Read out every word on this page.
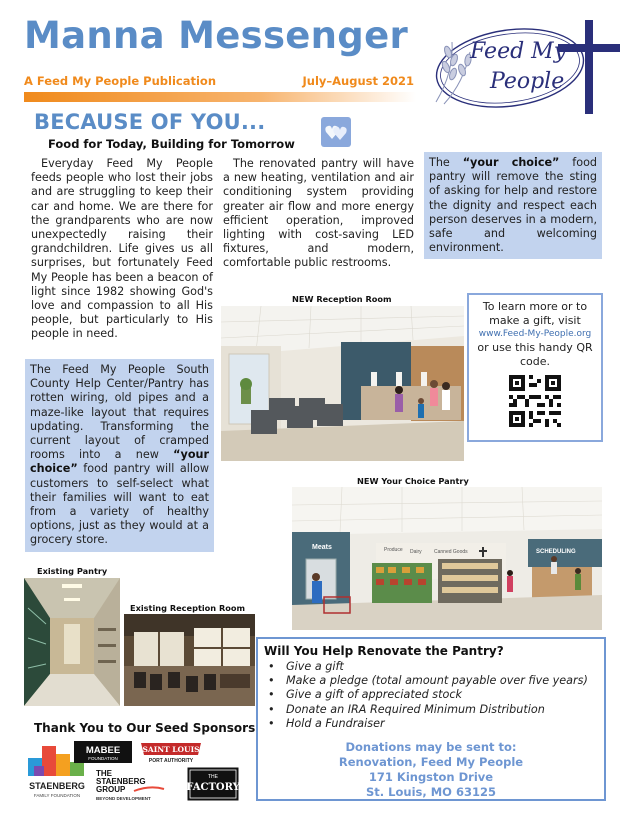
Manna Messenger
A Feed My People Publication	July–August 2021
Feed My
People
BECAUSE OF YOU...
Food for Today, Building for Tomorrow
Everyday Feed My People feeds people who lost their jobs and are struggling to keep their car and home. We are there for the grandparents who are now unexpectedly raising their grandchildren. Life gives us all surprises, but fortunately Feed My People has been a beacon of light since 1982 showing God's love and compassion to all His people, but particularly to His people in need.
The Feed My People South County Help Center/Pantry has rotten wiring, old pipes and a maze-like layout that requires updating. Transforming the current layout of cramped rooms into a new “your choice” food pantry will allow customers to self-select what their families will want to eat from a variety of healthy options, just as they would at a grocery store.
The renovated pantry will have a new heating, ventilation and air conditioning system providing greater air flow and more energy efficient operation, improved lighting with cost-saving LED fixtures, and modern, comfortable public restrooms.
The “your choice” food pantry will remove the sting of asking for help and restore the dignity and respect each person deserves in a modern, safe and welcoming environment.
NEW Reception Room
To learn more or to make a gift, visit
www.Feed-My-People.org
or use this handy QR code.
NEW Your Choice Pantry
Meats	Produce Dairy Canned Goods	SCHEDULING
Existing Pantry
Existing Reception Room
Thank You to Our Seed Sponsors
STAENBERG
FAMILY FOUNDATION
MABEE
FOUNDATION
SAINT LOUIS
PORT AUTHORITY
THE
STAENBERG
GROUP
BEYOND DEVELOPMENT
THE
FACTORY
Will You Help Renovate the Pantry?
• Give a gift
• Make a pledge (total amount payable over five years)
• Give a gift of appreciated stock
• Donate an IRA Required Minimum Distribution
• Hold a Fundraiser
Donations may be sent to:
Renovation, Feed My People
171 Kingston Drive
St. Louis, MO 63125
